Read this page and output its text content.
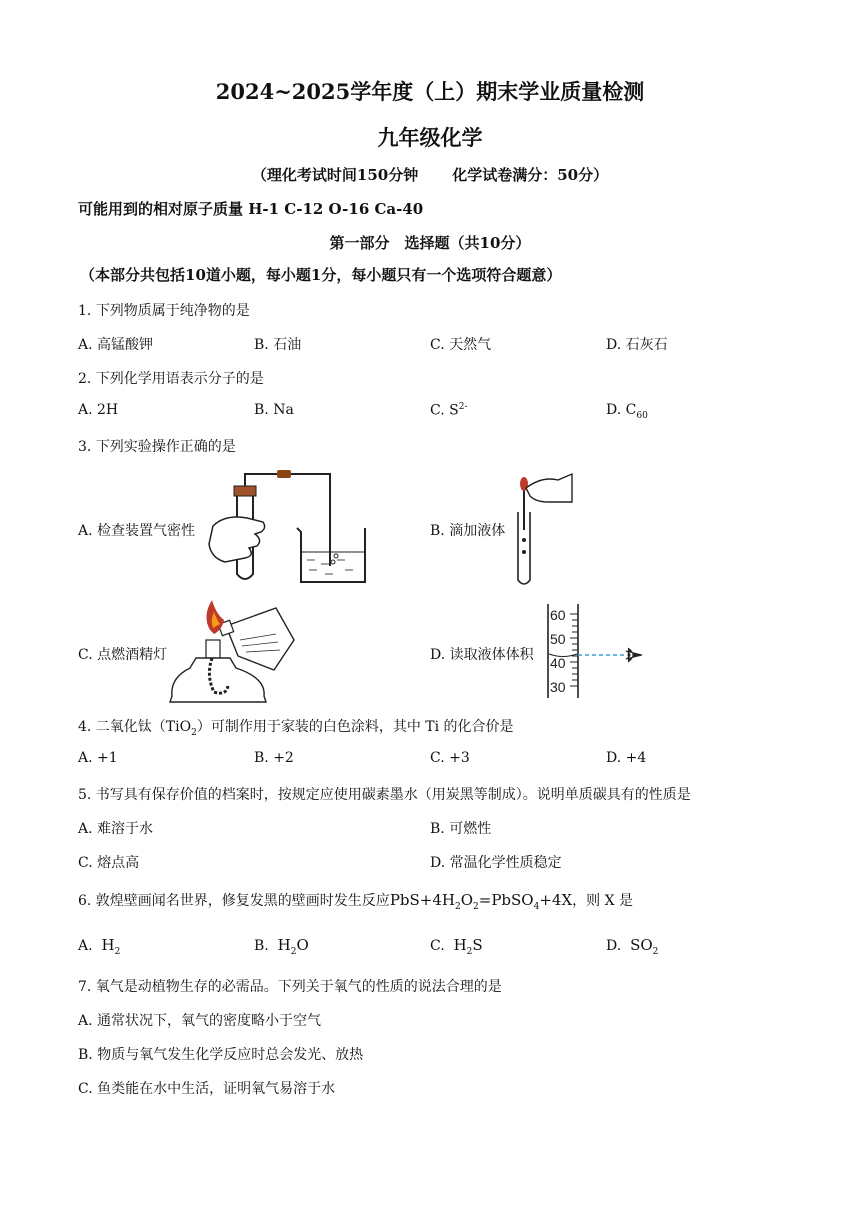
2024~2025学年度（上）期末学业质量检测
九年级化学
（理化考试时间150分钟 化学试卷满分：50分）
可能用到的相对原子质量 H-1 C-12 O-16 Ca-40
第一部分　选择题（共10分）
（本部分共包括10道小题，每小题1分，每小题只有一个选项符合题意）
1. 下列物质属于纯净物的是
A. 高锰酸钾	B. 石油	C. 天然气	D. 石灰石
2. 下列化学用语表示分子的是
A. 2H	B. Na	C. $S^{2-}$	D. $C_{60}$
3. 下列实验操作正确的是
A. 检查装置气密性	B. 滴加液体
C. 点燃酒精灯	D. 读取液体体积
60
50
40
30
4. 二氧化钛（TiO$_2$）可制作用于家装的白色涂料，其中 Ti 的化合价是
A. +1	B. +2	C. +3	D. +4
5. 书写具有保存价值的档案时，按规定应使用碳素墨水（用炭黑等制成）。说明单质碳具有的性质是
A. 难溶于水	B. 可燃性
C. 熔点高	D. 常温化学性质稳定
6. 敦煌壁画闻名世界，修复发黑的壁画时发生反应$PbS+4H_2O_2=PbSO_4+4X$，则 X 是
A. $H_2$	B. $H_2O$	C. $H_2S$	D. $SO_2$
7. 氧气是动植物生存的必需品。下列关于氧气的性质的说法合理的是
A. 通常状况下，氧气的密度略小于空气
B. 物质与氧气发生化学反应时总会发光、放热
C. 鱼类能在水中生活，证明氧气易溶于水
